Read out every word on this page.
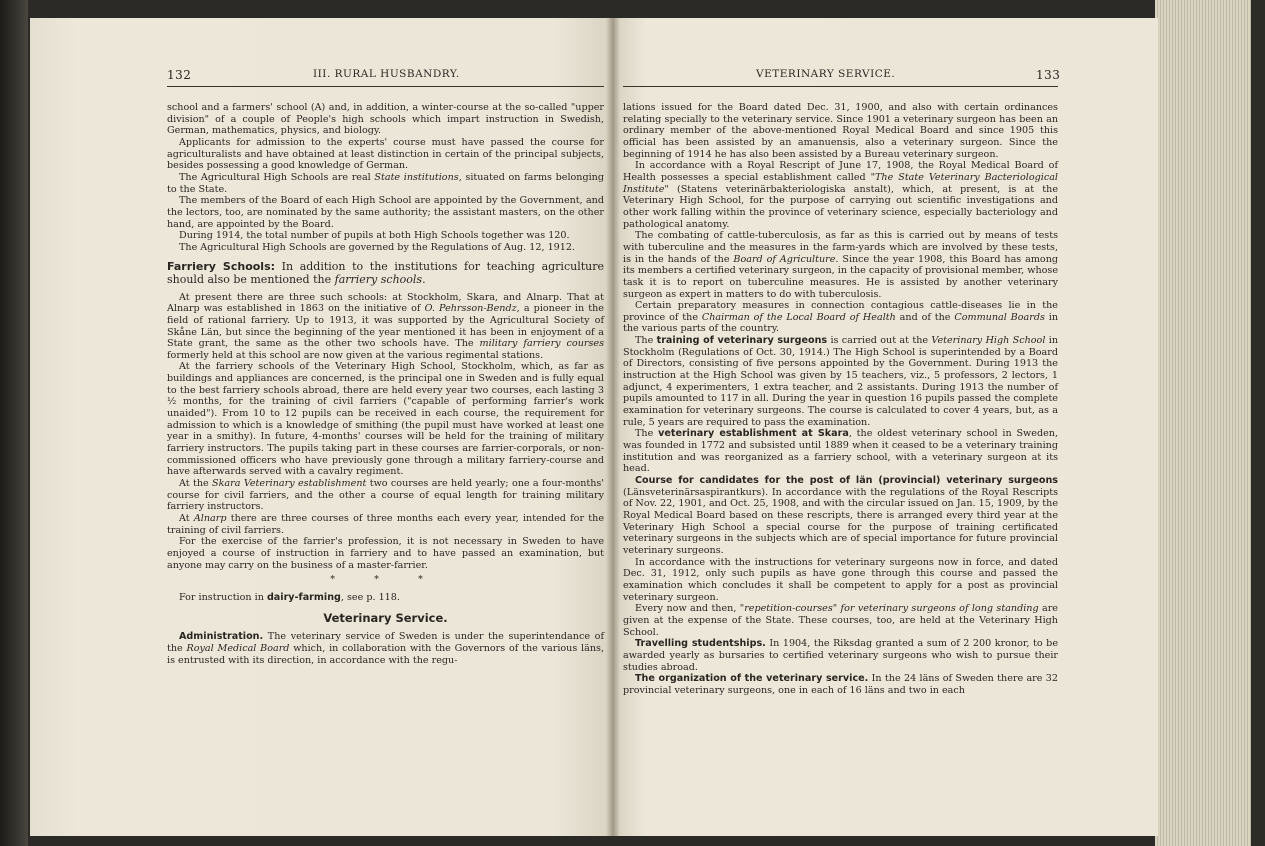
132	III. RURAL HUSBANDRY.

school and a farmers' school (A) and, in addition, a winter-course at the so-called "upper division" of a couple of People's high schools which impart instruction in Swedish, German, mathematics, physics, and biology.

Applicants for admission to the experts' course must have passed the course for agriculturalists and have obtained at least distinction in certain of the principal subjects, besides possessing a good knowledge of German.

The Agricultural High Schools are real State institutions, situated on farms belonging to the State.

The members of the Board of each High School are appointed by the Government, and the lectors, too, are nominated by the same authority; the assistant masters, on the other hand, are appointed by the Board.

During 1914, the total number of pupils at both High Schools together was 120.

The Agricultural High Schools are governed by the Regulations of Aug. 12, 1912.

Farriery Schools: In addition to the institutions for teaching agriculture should also be mentioned the farriery schools.

At present there are three such schools: at Stockholm, Skara, and Alnarp. That at Alnarp was established in 1863 on the initiative of O. Pehrsson-Bendz, a pioneer in the field of rational farriery. Up to 1913, it was supported by the Agricultural Society of Skåne Län, but since the beginning of the year mentioned it has been in enjoyment of a State grant, the same as the other two schools have. The military farriery courses formerly held at this school are now given at the various regimental stations.

At the farriery schools of the Veterinary High School, Stockholm, which, as far as buildings and appliances are concerned, is the principal one in Sweden and is fully equal to the best farriery schools abroad, there are held every year two courses, each lasting 3 ½ months, for the training of civil farriers ("capable of performing farrier's work unaided"). From 10 to 12 pupils can be received in each course, the requirement for admission to which is a knowledge of smithing (the pupil must have worked at least one year in a smithy). In future, 4-months' courses will be held for the training of military farriery instructors. The pupils taking part in these courses are farrier-corporals, or non-commissioned officers who have previously gone through a military farriery-course and have afterwards served with a cavalry regiment.

At the Skara Veterinary establishment two courses are held yearly; one a four-months' course for civil farriers, and the other a course of equal length for training military farriery instructors.

At Alnarp there are three courses of three months each every year, intended for the training of civil farriers.

For the exercise of the farrier's profession, it is not necessary in Sweden to have enjoyed a course of instruction in farriery and to have passed an examination, but anyone may carry on the business of a master-farrier.

* * *

For instruction in dairy-farming, see p. 118.

Veterinary Service.

Administration. The veterinary service of Sweden is under the superintendance of the Royal Medical Board which, in collaboration with the Governors of the various läns, is entrusted with its direction, in accordance with the regu-

VETERINARY SERVICE.	133

lations issued for the Board dated Dec. 31, 1900, and also with certain ordinances relating specially to the veterinary service. Since 1901 a veterinary surgeon has been an ordinary member of the above-mentioned Royal Medical Board and since 1905 this official has been assisted by an amanuensis, also a veterinary surgeon. Since the beginning of 1914 he has also been assisted by a Bureau veterinary surgeon.

In accordance with a Royal Rescript of June 17, 1908, the Royal Medical Board of Health possesses a special establishment called "The State Veterinary Bacteriological Institute" (Statens veterinärbakteriologiska anstalt), which, at present, is at the Veterinary High School, for the purpose of carrying out scientific investigations and other work falling within the province of veterinary science, especially bacteriology and pathological anatomy.

The combating of cattle-tuberculosis, as far as this is carried out by means of tests with tuberculine and the measures in the farm-yards which are involved by these tests, is in the hands of the Board of Agriculture. Since the year 1908, this Board has among its members a certified veterinary surgeon, in the capacity of provisional member, whose task it is to report on tuberculine measures. He is assisted by another veterinary surgeon as expert in matters to do with tuberculosis.

Certain preparatory measures in connection contagious cattle-diseases lie in the province of the Chairman of the Local Board of Health and of the Communal Boards in the various parts of the country.

The training of veterinary surgeons is carried out at the Veterinary High School in Stockholm (Regulations of Oct. 30, 1914.) The High School is superintended by a Board of Directors, consisting of five persons appointed by the Government. During 1913 the instruction at the High School was given by 15 teachers, viz., 5 professors, 2 lectors, 1 adjunct, 4 experimenters, 1 extra teacher, and 2 assistants. During 1913 the number of pupils amounted to 117 in all. During the year in question 16 pupils passed the complete examination for veterinary surgeons. The course is calculated to cover 4 years, but, as a rule, 5 years are required to pass the examination.

The veterinary establishment at Skara, the oldest veterinary school in Sweden, was founded in 1772 and subsisted until 1889 when it ceased to be a veterinary training institution and was reorganized as a farriery school, with a veterinary surgeon at its head.

Course for candidates for the post of län (provincial) veterinary surgeons (Länsveterinärsaspirantkurs). In accordance with the regulations of the Royal Rescripts of Nov. 22, 1901, and Oct. 25, 1908, and with the circular issued on Jan. 15, 1909, by the Royal Medical Board based on these rescripts, there is arranged every third year at the Veterinary High School a special course for the purpose of training certificated veterinary surgeons in the subjects which are of special importance for future provincial veterinary surgeons.

In accordance with the instructions for veterinary surgeons now in force, and dated Dec. 31, 1912, only such pupils as have gone through this course and passed the examination which concludes it shall be competent to apply for a post as provincial veterinary surgeon.

Every now and then, "repetition-courses" for veterinary surgeons of long standing are given at the expense of the State. These courses, too, are held at the Veterinary High School.

Travelling studentships. In 1904, the Riksdag granted a sum of 2 200 kronor, to be awarded yearly as bursaries to certified veterinary surgeons who wish to pursue their studies abroad.

The organization of the veterinary service. In the 24 läns of Sweden there are 32 provincial veterinary surgeons, one in each of 16 läns and two in each
